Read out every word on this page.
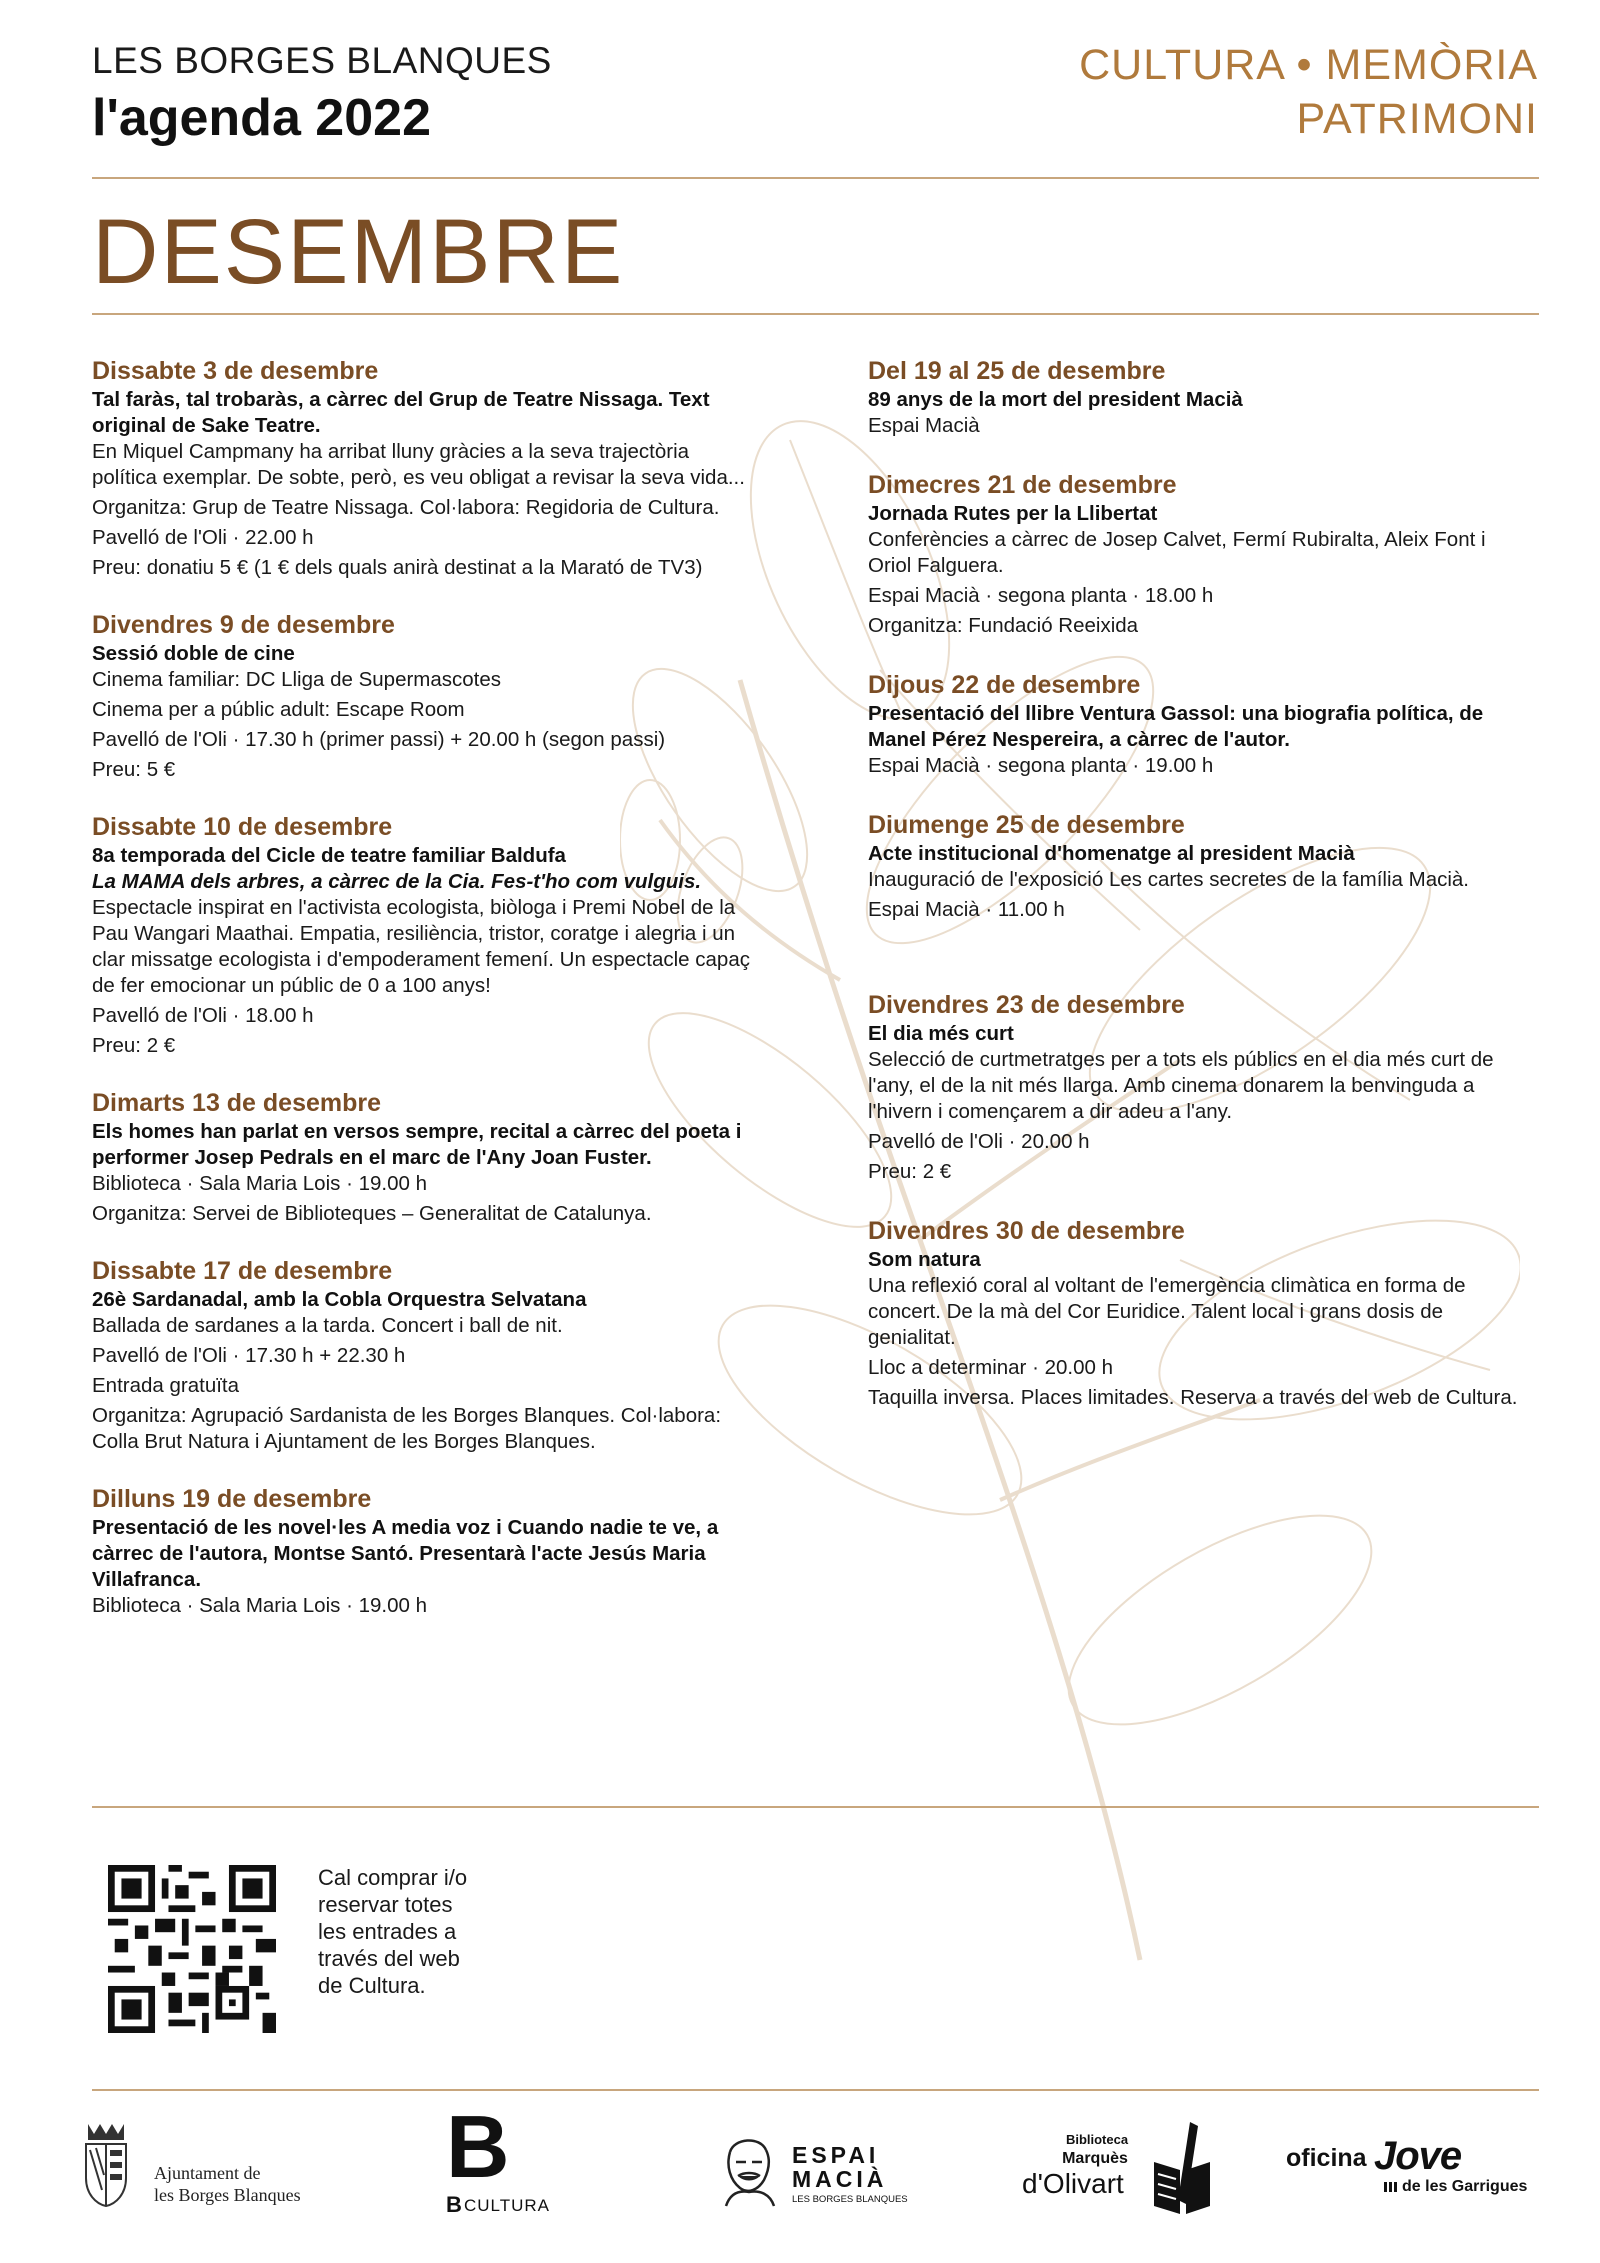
LES BORGES BLANQUES
l'agenda 2022
CULTURA • MEMÒRIA
PATRIMONI
DESEMBRE
Dissabte 3 de desembre
Tal faràs, tal trobaràs, a càrrec del Grup de Teatre Nissaga. Text original de Sake Teatre.
En Miquel Campmany ha arribat lluny gràcies a la seva trajectòria política exemplar. De sobte, però, es veu obligat a revisar la seva vida...
Organitza: Grup de Teatre Nissaga. Col·labora: Regidoria de Cultura.
Pavelló de l'Oli · 22.00 h
Preu: donatiu 5 € (1 € dels quals anirà destinat a la Marató de TV3)
Divendres 9 de desembre
Sessió doble de cine
Cinema familiar: DC Lliga de Supermascotes
Cinema per a públic adult: Escape Room
Pavelló de l'Oli · 17.30 h (primer passi) + 20.00 h (segon passi)
Preu: 5 €
Dissabte 10 de desembre
8a temporada del Cicle de teatre familiar Baldufa
La MAMA dels arbres, a càrrec de la Cia. Fes-t'ho com vulguis.
Espectacle inspirat en l'activista ecologista, biòloga i Premi Nobel de la Pau Wangari Maathai. Empatia, resiliència, tristor, coratge i alegria i un clar missatge ecologista i d'empoderament femení. Un espectacle capaç de fer emocionar un públic de 0 a 100 anys!
Pavelló de l'Oli · 18.00 h
Preu: 2 €
Dimarts 13 de desembre
Els homes han parlat en versos sempre, recital a càrrec del poeta i performer Josep Pedrals en el marc de l'Any Joan Fuster.
Biblioteca · Sala Maria Lois · 19.00 h
Organitza: Servei de Biblioteques – Generalitat de Catalunya.
Dissabte 17 de desembre
26è Sardanadal, amb la Cobla Orquestra Selvatana
Ballada de sardanes a la tarda. Concert i ball de nit.
Pavelló de l'Oli · 17.30 h + 22.30 h
Entrada gratuïta
Organitza: Agrupació Sardanista de les Borges Blanques. Col·labora: Colla Brut Natura i Ajuntament de les Borges Blanques.
Dilluns 19 de desembre
Presentació de les novel·les A media voz i Cuando nadie te ve, a càrrec de l'autora, Montse Santó. Presentarà l'acte Jesús Maria Villafranca.
Biblioteca · Sala Maria Lois · 19.00 h
Del 19 al 25 de desembre
89 anys de la mort del president Macià
Espai Macià
Dimecres 21 de desembre
Jornada Rutes per la Llibertat
Conferències a càrrec de Josep Calvet, Fermí Rubiralta, Aleix Font i Oriol Falguera.
Espai Macià · segona planta · 18.00 h
Organitza: Fundació Reeixida
Dijous 22 de desembre
Presentació del llibre Ventura Gassol: una biografia política, de Manel Pérez Nespereira, a càrrec de l'autor.
Espai Macià · segona planta · 19.00 h
Diumenge 25 de desembre
Acte institucional d'homenatge al president Macià
Inauguració de l'exposició Les cartes secretes de la família Macià.
Espai Macià · 11.00 h
Divendres 23 de desembre
El dia més curt
Selecció de curtmetratges per a tots els públics en el dia més curt de l'any, el de la nit més llarga. Amb cinema donarem la benvinguda a l'hivern i començarem a dir adeu a l'any.
Pavelló de l'Oli · 20.00 h
Preu: 2 €
Divendres 30 de desembre
Som natura
Una reflexió coral al voltant de l'emergència climàtica en forma de concert. De la mà del Cor Euridice. Talent local i grans dosis de genialitat.
Lloc a determinar · 20.00 h
Taquilla inversa. Places limitades. Reserva a través del web de Cultura.
Cal comprar i/o reservar totes les entrades a través del web de Cultura.
Ajuntament de
les Borges Blanques B
B CULTURA
ESPAI
MACIÀ
LES BORGES BLANQUES
Biblioteca
Marquès
d'Olivart
oficina Jove
de les Garrigues
